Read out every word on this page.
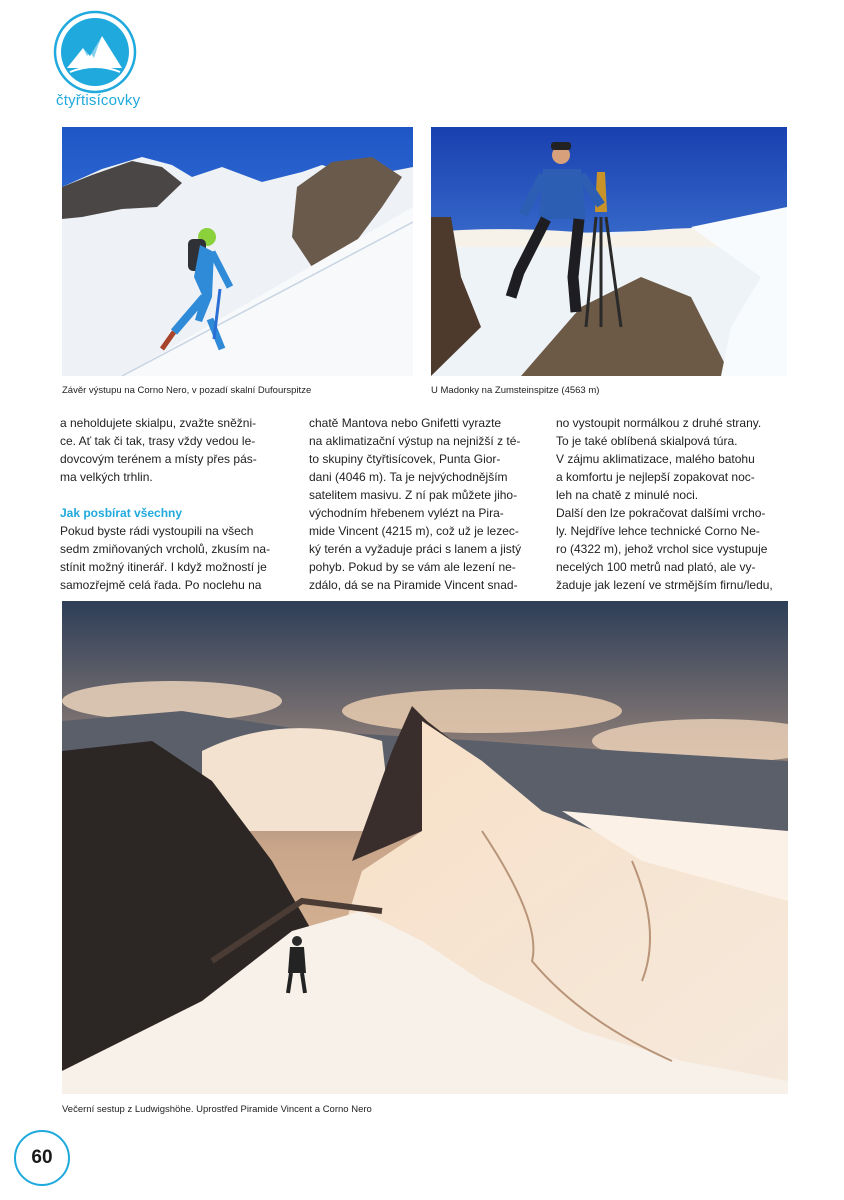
čtyřtisícovky
Závěr výstupu na Corno Nero, v pozadí skalní Dufourspitze	U Madonky na Zumsteinspitze (4563 m)

a neholdujete skialpu, zvažte sněžni-

ce. Ať tak či tak, trasy vždy vedou le-

dovcovým terénem a místy přes pás-

ma velkých trhlin.

Jak posbírat všechny

Pokud byste rádi vystoupili na všech

sedm zmiňovaných vrcholů, zkusím na-

stínit možný itinerář. I když možností je

samozřejmě celá řada. Po noclehu na

chatě Mantova nebo Gnifetti vyrazte

na aklimatizační výstup na nejnižší z té-

to skupiny čtyřtisícovek, Punta Gior-

dani (4046 m). Ta je nejvýchodnějším

satelitem masivu. Z ní pak můžete jiho-

východním hřebenem vylézt na Pira-

mide Vincent (4215 m), což už je lezec-

ký terén a vyžaduje práci s lanem a jistý

pohyb. Pokud by se vám ale lezení ne-

zdálo, dá se na Piramide Vincent snad-

no vystoupit normálkou z druhé strany.

To je také oblíbená skialpová túra.

V zájmu aklimatizace, malého batohu

a komfortu je nejlepší zopakovat noc-

leh na chatě z minulé noci.

Další den lze pokračovat dalšími vrcho-

ly. Nejdříve lehce technické Corno Ne-

ro (4322 m), jehož vrchol sice vystupuje

necelých 100 metrů nad plató, ale vy-

žaduje jak lezení ve strmějším firnu/ledu,

Večerní sestup z Ludwigshöhe. Uprostřed Piramide Vincent a Corno Nero
60
